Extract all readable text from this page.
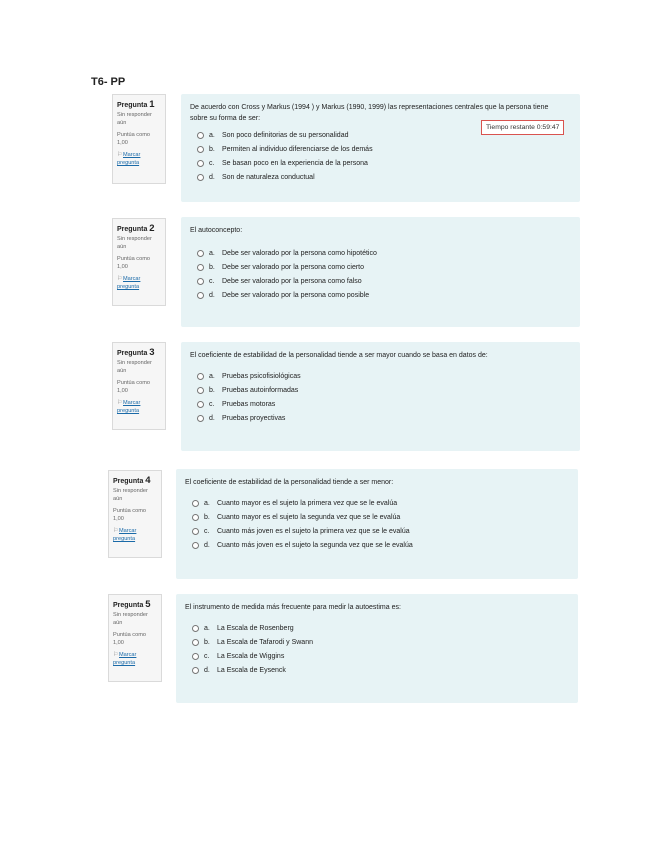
T6- PP
Pregunta 1
Sin responder
aún
Puntúa como
1,00
⚐Marcar
pregunta
De acuerdo con Cross y Markus (1994 ) y Markus (1990, 1999) las representaciones centrales que la persona tiene sobre su forma de ser:
a.	Son poco definitorias de su personalidad
b.	Permiten al individuo diferenciarse de los demás
c.	Se basan poco en la experiencia de la persona
d.	Son de naturaleza conductual
Tiempo restante 0:59:47
Pregunta 2
Sin responder
aún
Puntúa como
1,00
⚐Marcar
pregunta
El autoconcepto:
a.	Debe ser valorado por la persona como hipotético
b.	Debe ser valorado por la persona como cierto
c.	Debe ser valorado por la persona como falso
d.	Debe ser valorado por la persona como posible
Pregunta 3
Sin responder
aún
Puntúa como
1,00
⚐Marcar
pregunta
El coeficiente de estabilidad de la personalidad tiende a ser mayor cuando se basa en datos de:
a.	Pruebas psicofisiológicas
b.	Pruebas autoinformadas
c.	Pruebas motoras
d.	Pruebas proyectivas
Pregunta 4
Sin responder
aún
Puntúa como
1,00
⚐Marcar
pregunta
El coeficiente de estabilidad de la personalidad tiende a ser menor:
a.	Cuanto mayor es el sujeto la primera vez que se le evalúa
b.	Cuanto mayor es el sujeto la segunda vez que se le evalúa
c.	Cuanto más joven es el sujeto la primera vez que se le evalúa
d.	Cuanto más joven es el sujeto la segunda vez que se le evalúa
Pregunta 5
Sin responder
aún
Puntúa como
1,00
⚐Marcar
pregunta
El instrumento de medida más frecuente para medir la autoestima es:
a.	La Escala de Rosenberg
b.	La Escala de Tafarodi y Swann
c.	La Escala de Wiggins
d.	La Escala de Eysenck
